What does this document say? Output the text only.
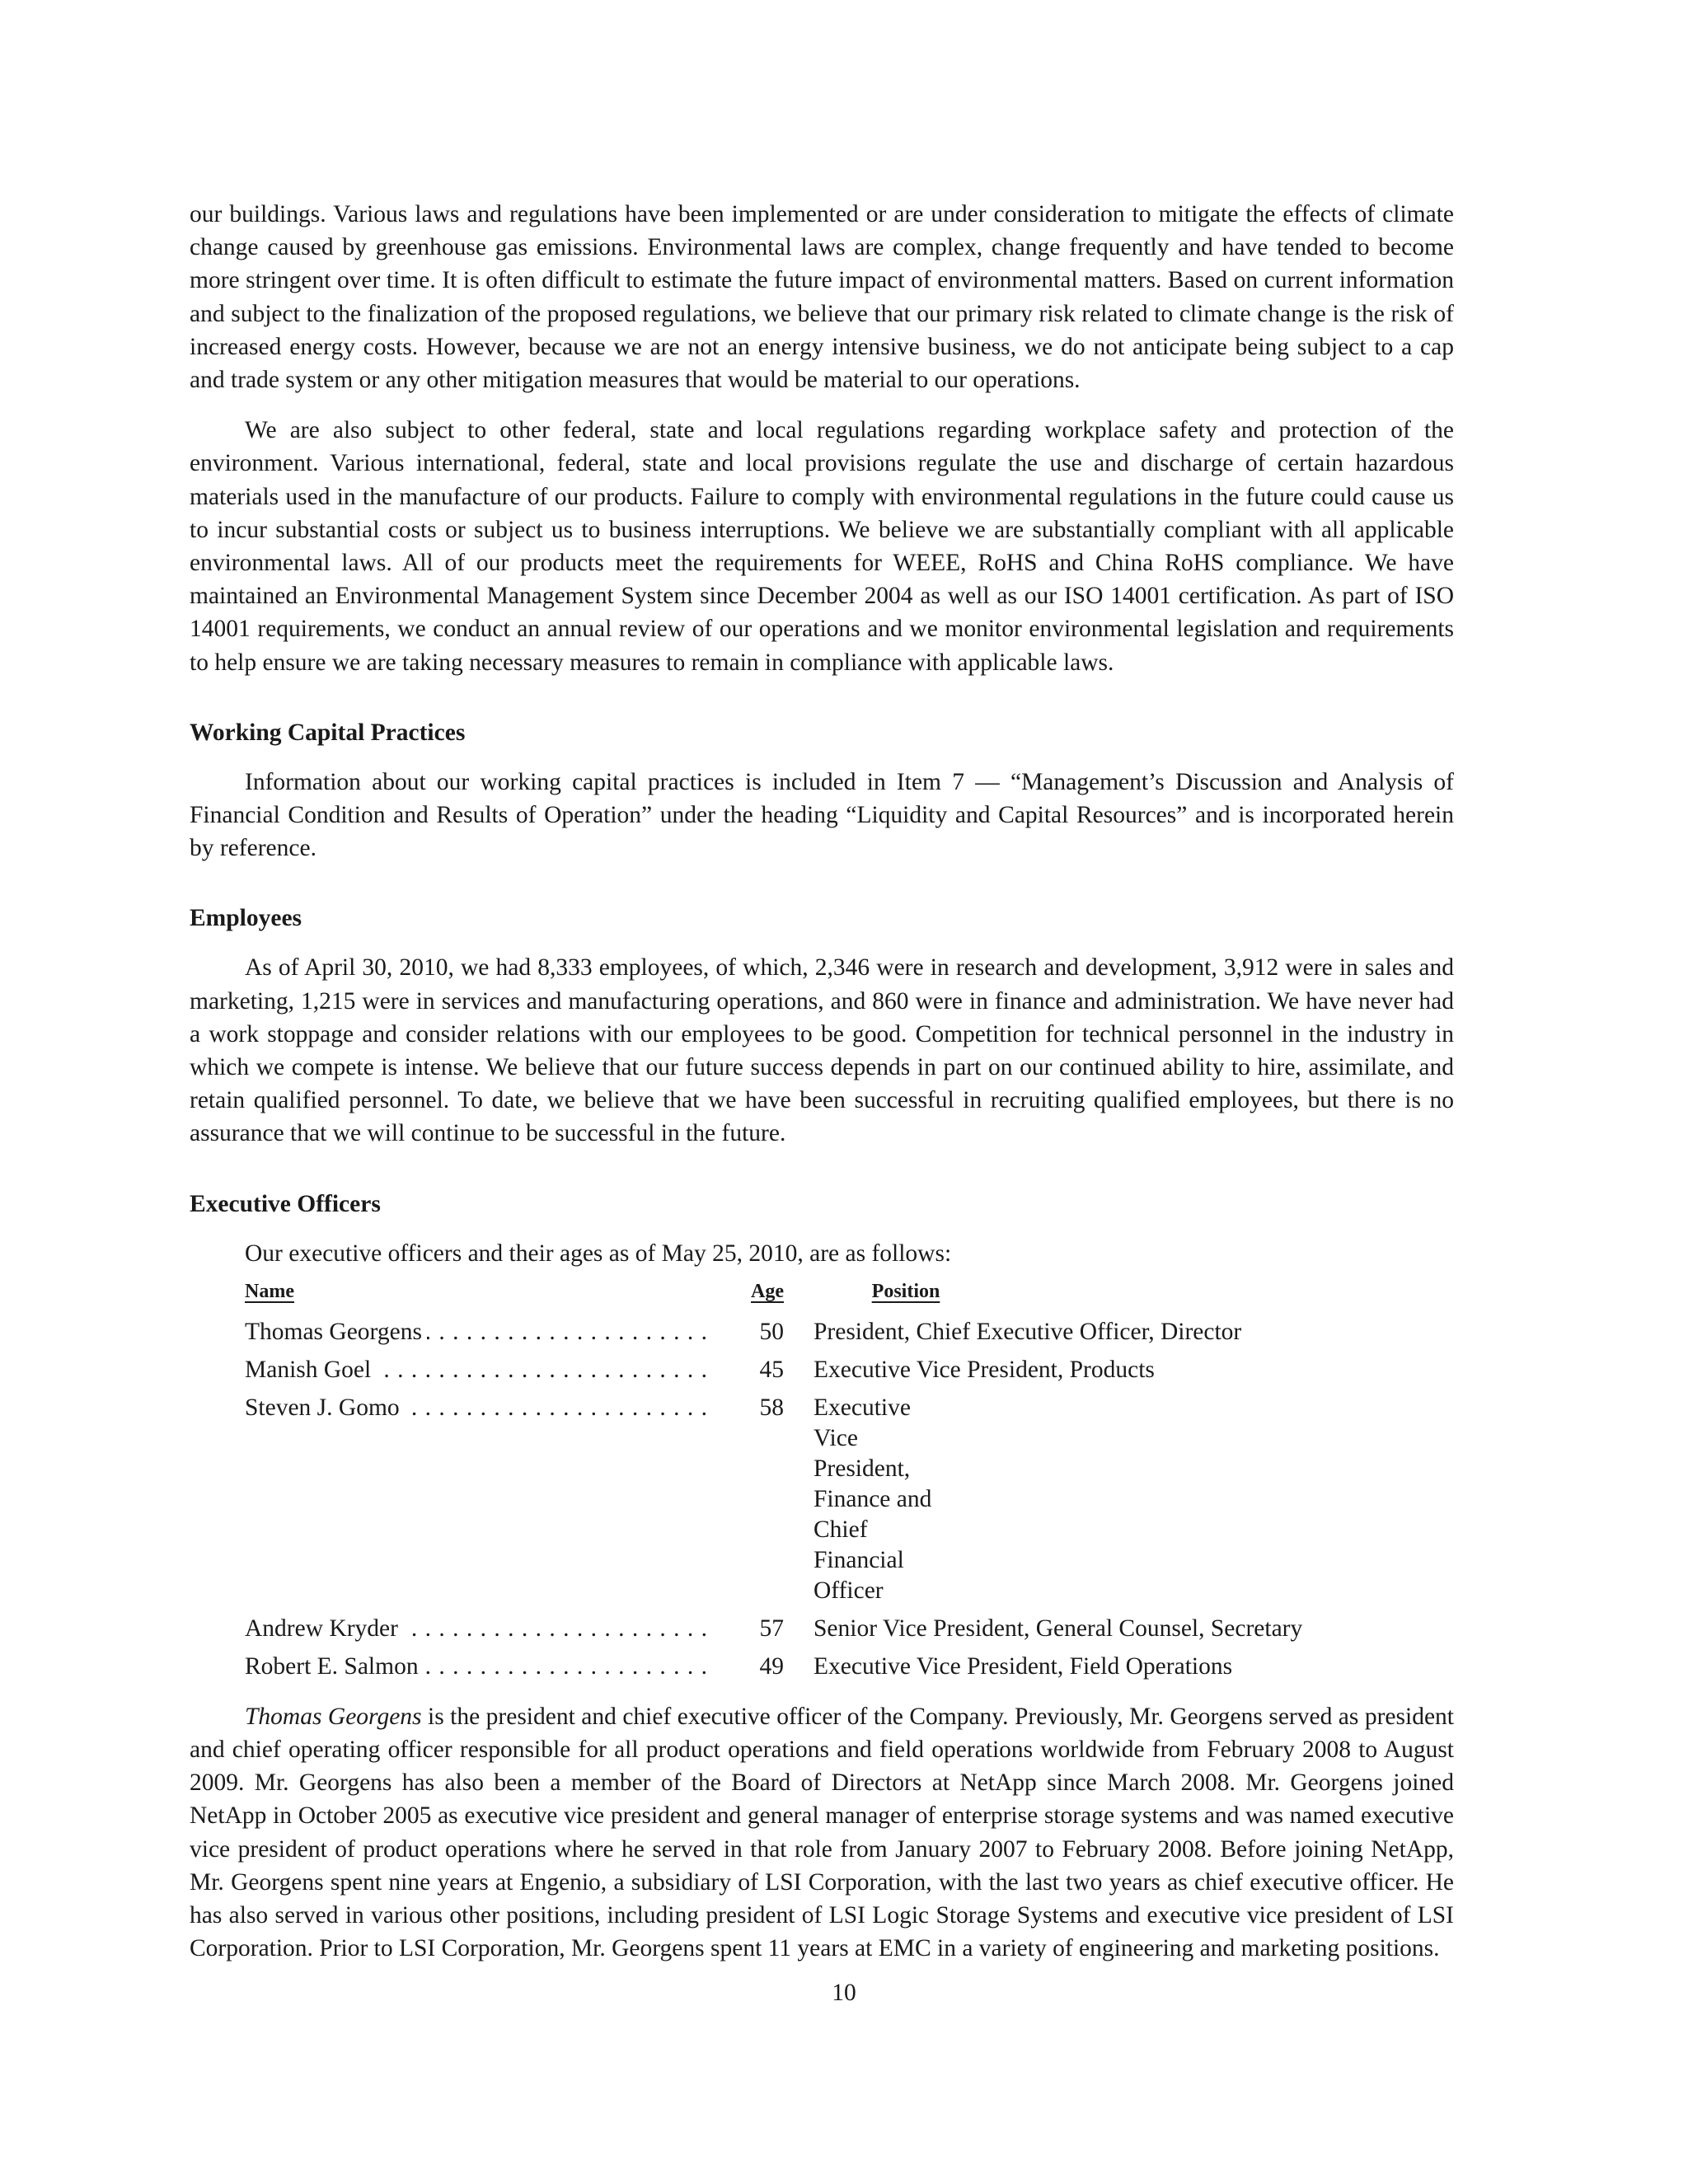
our buildings. Various laws and regulations have been implemented or are under consideration to mitigate the effects of climate change caused by greenhouse gas emissions. Environmental laws are complex, change frequently and have tended to become more stringent over time. It is often difficult to estimate the future impact of environmental matters. Based on current information and subject to the finalization of the proposed regulations, we believe that our primary risk related to climate change is the risk of increased energy costs. However, because we are not an energy intensive business, we do not anticipate being subject to a cap and trade system or any other mitigation measures that would be material to our operations.

We are also subject to other federal, state and local regulations regarding workplace safety and protection of the environment. Various international, federal, state and local provisions regulate the use and discharge of certain hazardous materials used in the manufacture of our products. Failure to comply with environmental regulations in the future could cause us to incur substantial costs or subject us to business interruptions. We believe we are substantially compliant with all applicable environmental laws. All of our products meet the requirements for WEEE, RoHS and China RoHS compliance. We have maintained an Environmental Management System since December 2004 as well as our ISO 14001 certification. As part of ISO 14001 requirements, we conduct an annual review of our operations and we monitor environmental legislation and requirements to help ensure we are taking necessary measures to remain in compliance with applicable laws.

Working Capital Practices

Information about our working capital practices is included in Item 7 — “Management’s Discussion and Analysis of Financial Condition and Results of Operation” under the heading “Liquidity and Capital Resources” and is incorporated herein by reference.

Employees

As of April 30, 2010, we had 8,333 employees, of which, 2,346 were in research and development, 3,912 were in sales and marketing, 1,215 were in services and manufacturing operations, and 860 were in finance and administration. We have never had a work stoppage and consider relations with our employees to be good. Competition for technical personnel in the industry in which we compete is intense. We believe that our future success depends in part on our continued ability to hire, assimilate, and retain qualified personnel. To date, we believe that we have been successful in recruiting qualified employees, but there is no assurance that we will continue to be successful in the future.

Executive Officers

Our executive officers and their ages as of May 25, 2010, are as follows:

Name	Age	Position
Thomas Georgens . . .	50	President, Chief Executive Officer, Director
Manish Goel . . .	45	Executive Vice President, Products
Steven J. Gomo . . .	58	Executive Vice President, Finance and Chief Financial Officer
Andrew Kryder . . .	57	Senior Vice President, General Counsel, Secretary
Robert E. Salmon . . .	49	Executive Vice President, Field Operations

Thomas Georgens is the president and chief executive officer of the Company. Previously, Mr. Georgens served as president and chief operating officer responsible for all product operations and field operations worldwide from February 2008 to August 2009. Mr. Georgens has also been a member of the Board of Directors at NetApp since March 2008. Mr. Georgens joined NetApp in October 2005 as executive vice president and general manager of enterprise storage systems and was named executive vice president of product operations where he served in that role from January 2007 to February 2008. Before joining NetApp, Mr. Georgens spent nine years at Engenio, a subsidiary of LSI Corporation, with the last two years as chief executive officer. He has also served in various other positions, including president of LSI Logic Storage Systems and executive vice president of LSI Corporation. Prior to LSI Corporation, Mr. Georgens spent 11 years at EMC in a variety of engineering and marketing positions.

10
